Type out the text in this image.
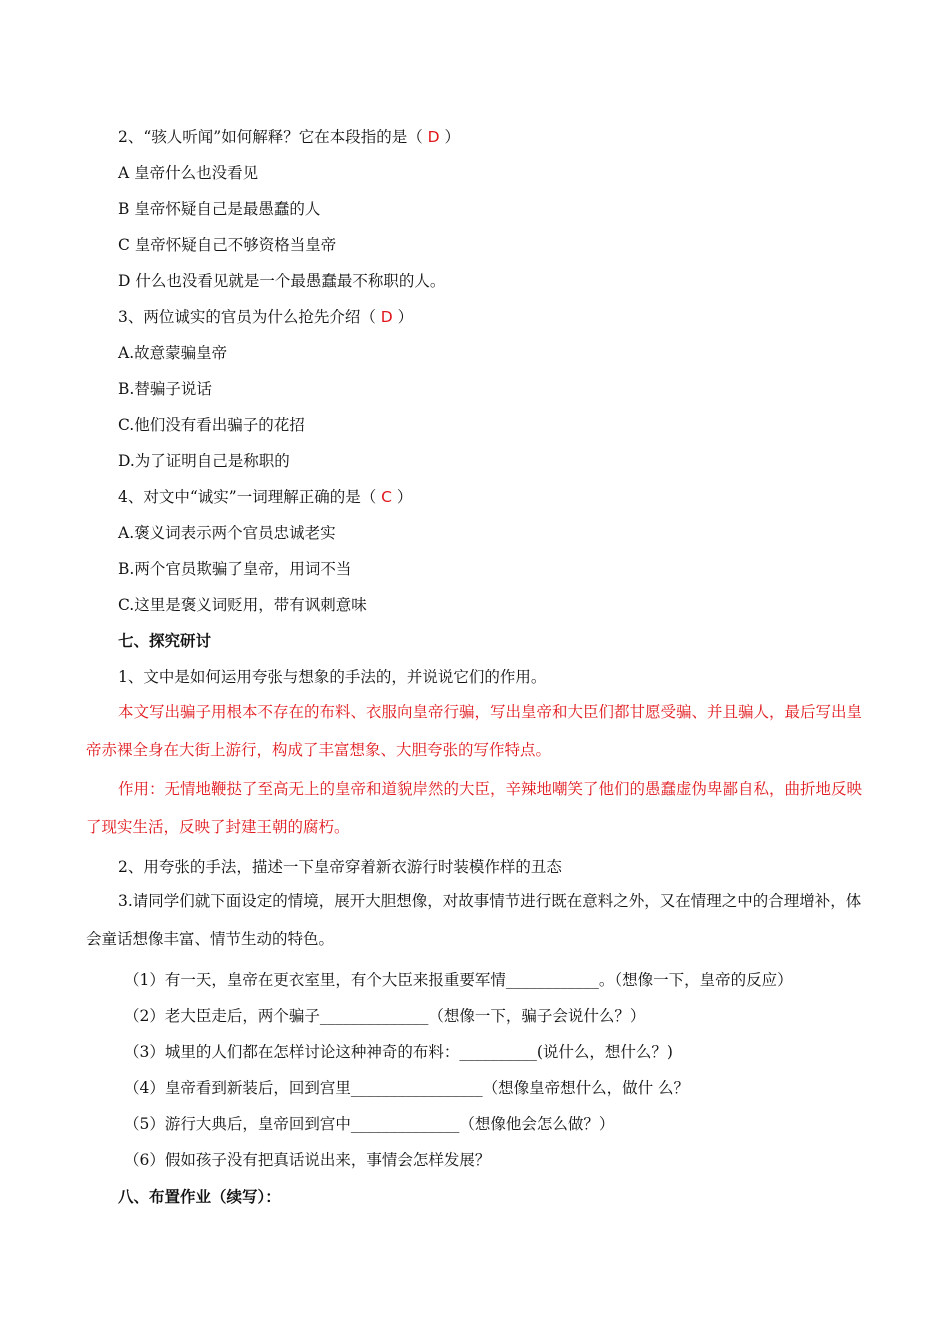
2、“骇人听闻”如何解释？它在本段指的是（ D ）
A 皇帝什么也没看见
B 皇帝怀疑自己是最愚蠢的人
C 皇帝怀疑自己不够资格当皇帝
D 什么也没看见就是一个最愚蠢最不称职的人。
3、两位诚实的官员为什么抢先介绍（ D ）
A.故意蒙骗皇帝
B.替骗子说话
C.他们没有看出骗子的花招
D.为了证明自己是称职的
4、对文中“诚实”一词理解正确的是（ C ）
A.褒义词表示两个官员忠诚老实
B.两个官员欺骗了皇帝，用词不当
C.这里是褒义词贬用，带有讽刺意味
七、探究研讨
1、文中是如何运用夸张与想象的手法的，并说说它们的作用。
本文写出骗子用根本不存在的布料、衣服向皇帝行骗，写出皇帝和大臣们都甘愿受骗、并且骗人，最后写出皇帝赤裸全身在大街上游行，构成了丰富想象、大胆夸张的写作特点。
作用：无情地鞭挞了至高无上的皇帝和道貌岸然的大臣，辛辣地嘲笑了他们的愚蠢虚伪卑鄙自私，曲折地反映了现实生活，反映了封建王朝的腐朽。
2、用夸张的手法，描述一下皇帝穿着新衣游行时装模作样的丑态
3.请同学们就下面设定的情境，展开大胆想像，对故事情节进行既在意料之外，又在情理之中的合理增补，体会童话想像丰富、情节生动的特色。
（1）有一天，皇帝在更衣室里，有个大臣来报重要军情____________。（想像一下，皇帝的反应）
（2）老大臣走后，两个骗子______________（想像一下，骗子会说什么？）
（3）城里的人们都在怎样讨论这种神奇的布料：__________(说什么，想什么？)
（4）皇帝看到新装后，回到宫里_________________（想像皇帝想什么，做什 么？
（5）游行大典后，皇帝回到宫中______________（想像他会怎么做？）
（6）假如孩子没有把真话说出来，事情会怎样发展？
八、布置作业（续写）：
